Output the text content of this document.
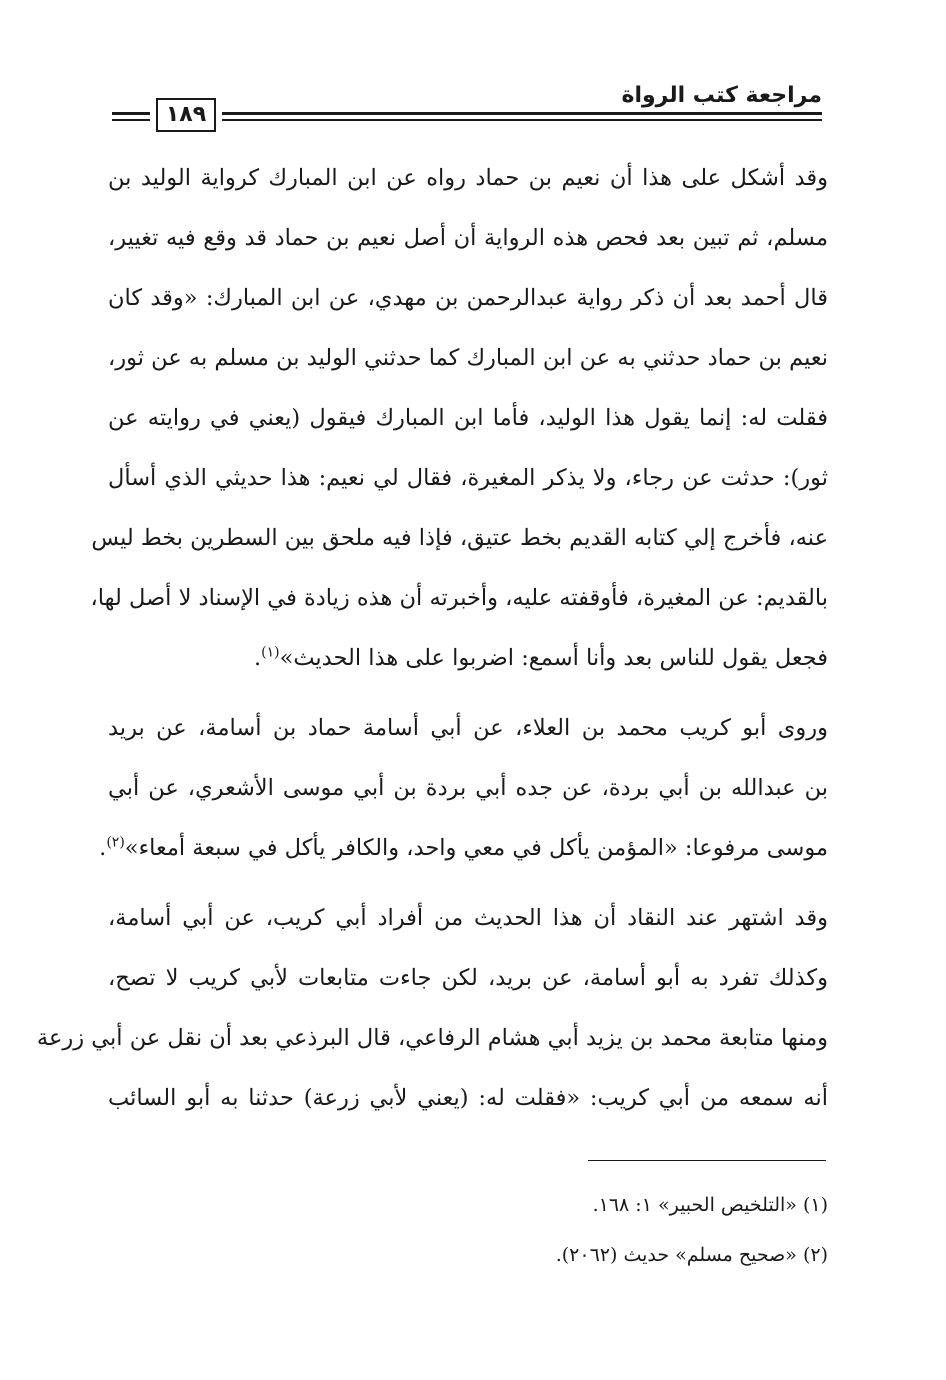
مراجعة كتب الرواة
١٨٩
وقد أشكل على هذا أن نعيم بن حماد رواه عن ابن المبارك كرواية الوليد بن
مسلم، ثم تبين بعد فحص هذه الرواية أن أصل نعيم بن حماد قد وقع فيه تغيير،
قال أحمد بعد أن ذكر رواية عبدالرحمن بن مهدي، عن ابن المبارك: «وقد كان
نعيم بن حماد حدثني به عن ابن المبارك كما حدثني الوليد بن مسلم به عن ثور،
فقلت له: إنما يقول هذا الوليد، فأما ابن المبارك فيقول (يعني في روايته عن
ثور): حدثت عن رجاء، ولا يذكر المغيرة، فقال لي نعيم: هذا حديثي الذي أسأل
عنه، فأخرج إلي كتابه القديم بخط عتيق، فإذا فيه ملحق بين السطرين بخط ليس
بالقديم: عن المغيرة، فأوقفته عليه، وأخبرته أن هذه زيادة في الإسناد لا أصل لها،
فجعل يقول للناس بعد وأنا أسمع: اضربوا على هذا الحديث»$^{(١)}$.
وروى أبو كريب محمد بن العلاء، عن أبي أسامة حماد بن أسامة، عن بريد
بن عبدالله بن أبي بردة، عن جده أبي بردة بن أبي موسى الأشعري، عن أبي
موسى مرفوعا: «المؤمن يأكل في معي واحد، والكافر يأكل في سبعة أمعاء»$^{(٢)}$.
وقد اشتهر عند النقاد أن هذا الحديث من أفراد أبي كريب، عن أبي أسامة،
وكذلك تفرد به أبو أسامة، عن بريد، لكن جاءت متابعات لأبي كريب لا تصح،
ومنها متابعة محمد بن يزيد أبي هشام الرفاعي، قال البرذعي بعد أن نقل عن أبي زرعة
أنه سمعه من أبي كريب: «فقلت له: (يعني لأبي زرعة) حدثنا به أبو السائب
(١) «التلخيص الحبير» ١: ١٦٨.
(٢) «صحيح مسلم» حديث (٢٠٦٢).
